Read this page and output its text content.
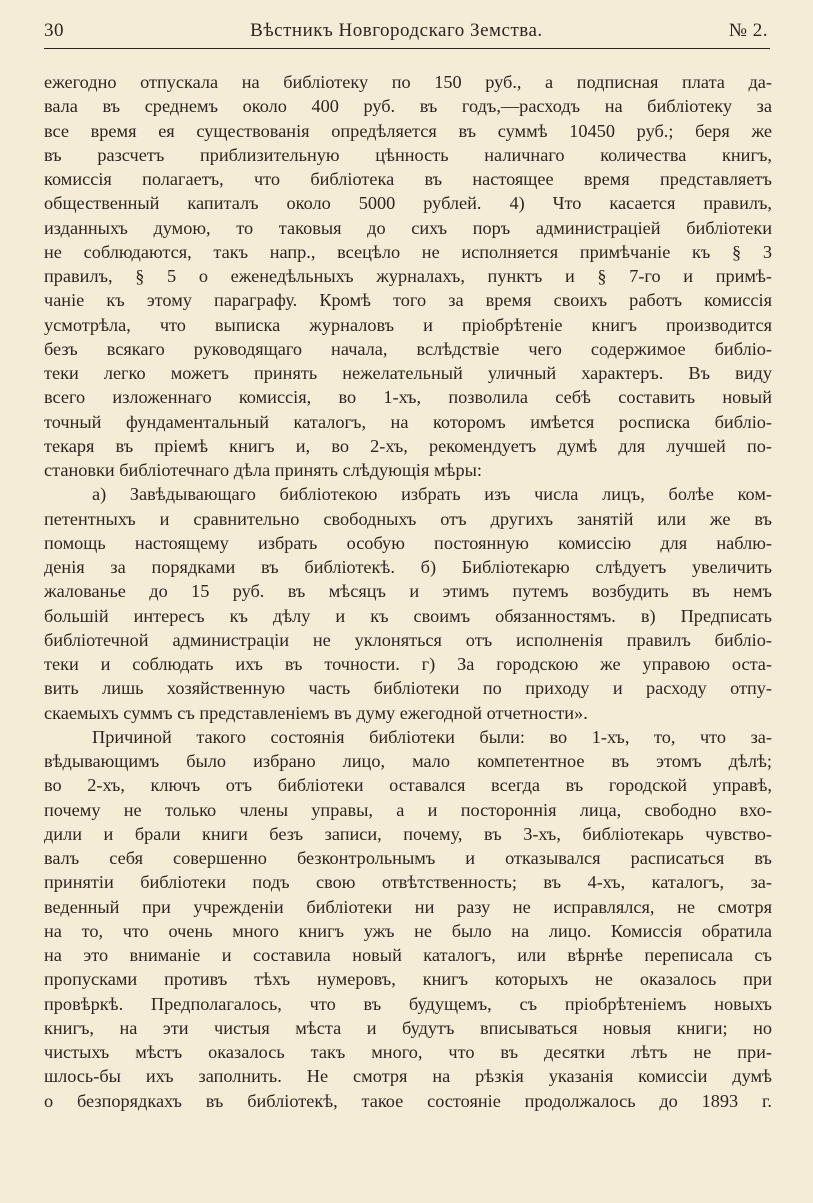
30	Вѣстникъ Новгородскаго Земства.	№ 2.
ежегодно отпускала на библіотеку по 150 руб., а подписная плата да-
вала въ среднемъ около 400 руб. въ годъ,—расходъ на библіотеку за
все время ея существованія опредѣляется въ суммѣ 10450 руб.; беря же
въ разсчетъ приблизительную цѣнность наличнаго количества книгъ,
комиссія полагаетъ, что библіотека въ настоящее время представляетъ
общественный капиталъ около 5000 рублей. 4) Что касается правилъ,
изданныхъ думою, то таковыя до сихъ поръ администраціей библіотеки
не соблюдаются, такъ напр., всецѣло не исполняется примѣчаніе къ § 3
правилъ, § 5 о еженедѣльныхъ журналахъ, пунктъ и § 7-го и примѣ-
чаніе къ этому параграфу. Кромѣ того за время своихъ работъ комиссія
усмотрѣла, что выписка журналовъ и пріобрѣтеніе книгъ производится
безъ всякаго руководящаго начала, вслѣдствіе чего содержимое библіо-
теки легко можетъ принять нежелательный уличный характеръ. Въ виду
всего изложеннаго комиссія, во 1-хъ, позволила себѣ составить новый
точный фундаментальный каталогъ, на которомъ имѣется росписка библіо-
текаря въ пріемѣ книгъ и, во 2-хъ, рекомендуетъ думѣ для лучшей по-
становки библіотечнаго дѣла принять слѣдующія мѣры:
а) Завѣдывающаго библіотекою избрать изъ числа лицъ, болѣе ком-
петентныхъ и сравнительно свободныхъ отъ другихъ занятій или же въ
помощь настоящему избрать особую постоянную комиссію для наблю-
денія за порядками въ библіотекѣ. б) Библіотекарю слѣдуетъ увеличить
жалованье до 15 руб. въ мѣсяцъ и этимъ путемъ возбудить въ немъ
большій интересъ къ дѣлу и къ своимъ обязанностямъ. в) Предписать
библіотечной администраціи не уклоняться отъ исполненія правилъ библіо-
теки и соблюдать ихъ въ точности. г) За городскою же управою оста-
вить лишь хозяйственную часть библіотеки по приходу и расходу отпу-
скаемыхъ суммъ съ представленіемъ въ думу ежегодной отчетности».
Причиной такого состоянія библіотеки были: во 1-хъ, то, что за-
вѣдывающимъ было избрано лицо, мало компетентное въ этомъ дѣлѣ;
во 2-хъ, ключъ отъ библіотеки оставался всегда въ городской управѣ,
почему не только члены управы, а и постороннія лица, свободно вхо-
дили и брали книги безъ записи, почему, въ 3-хъ, библіотекарь чувство-
валъ себя совершенно безконтрольнымъ и отказывался расписаться въ
принятіи библіотеки подъ свою отвѣтственность; въ 4-хъ, каталогъ, за-
веденный при учрежденіи библіотеки ни разу не исправлялся, не смотря
на то, что очень много книгъ ужъ не было на лицо. Комиссія обратила
на это вниманіе и составила новый каталогъ, или вѣрнѣе переписала съ
пропусками противъ тѣхъ нумеровъ, книгъ которыхъ не оказалось при
провѣркѣ. Предполагалось, что въ будущемъ, съ пріобрѣтеніемъ новыхъ
книгъ, на эти чистыя мѣста и будутъ вписываться новыя книги; но
чистыхъ мѣстъ оказалось такъ много, что въ десятки лѣтъ не при-
шлось-бы ихъ заполнить. Не смотря на рѣзкія указанія комиссіи думѣ
о безпорядкахъ въ библіотекѣ, такое состояніе продолжалось до 1893 г.
